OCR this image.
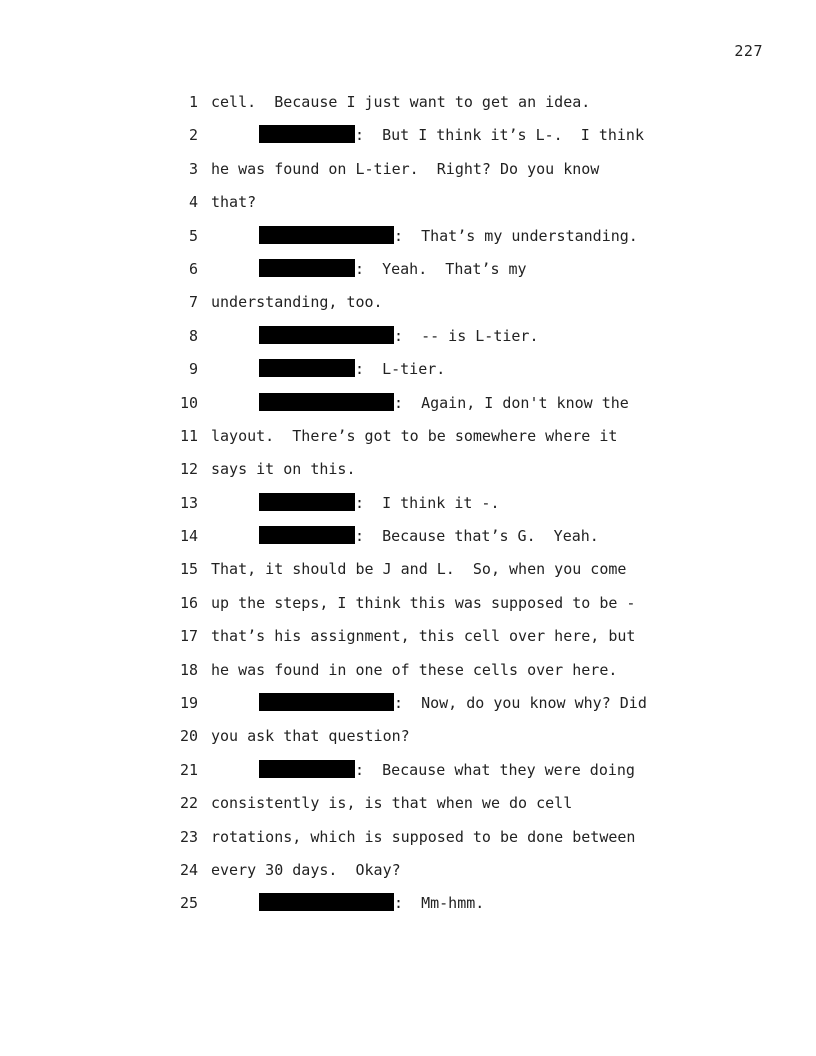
227
1 cell.  Because I just want to get an idea.
2	:  But I think it’s L-.  I think
3 he was found on L-tier.  Right? Do you know
4 that?
5	:  That’s my understanding.
6	:  Yeah.  That’s my
7 understanding, too.
8	:  -- is L-tier.
9	:  L-tier.
10	:  Again, I don't know the
11 layout.  There’s got to be somewhere where it
12 says it on this.
13	:  I think it -.
14	:  Because that’s G.  Yeah.
15 That, it should be J and L.  So, when you come
16 up the steps, I think this was supposed to be -
17 that’s his assignment, this cell over here, but
18 he was found in one of these cells over here.
19	:  Now, do you know why? Did
20 you ask that question?
21	:  Because what they were doing
22 consistently is, is that when we do cell
23 rotations, which is supposed to be done between
24 every 30 days.  Okay?
25	:  Mm-hmm.
